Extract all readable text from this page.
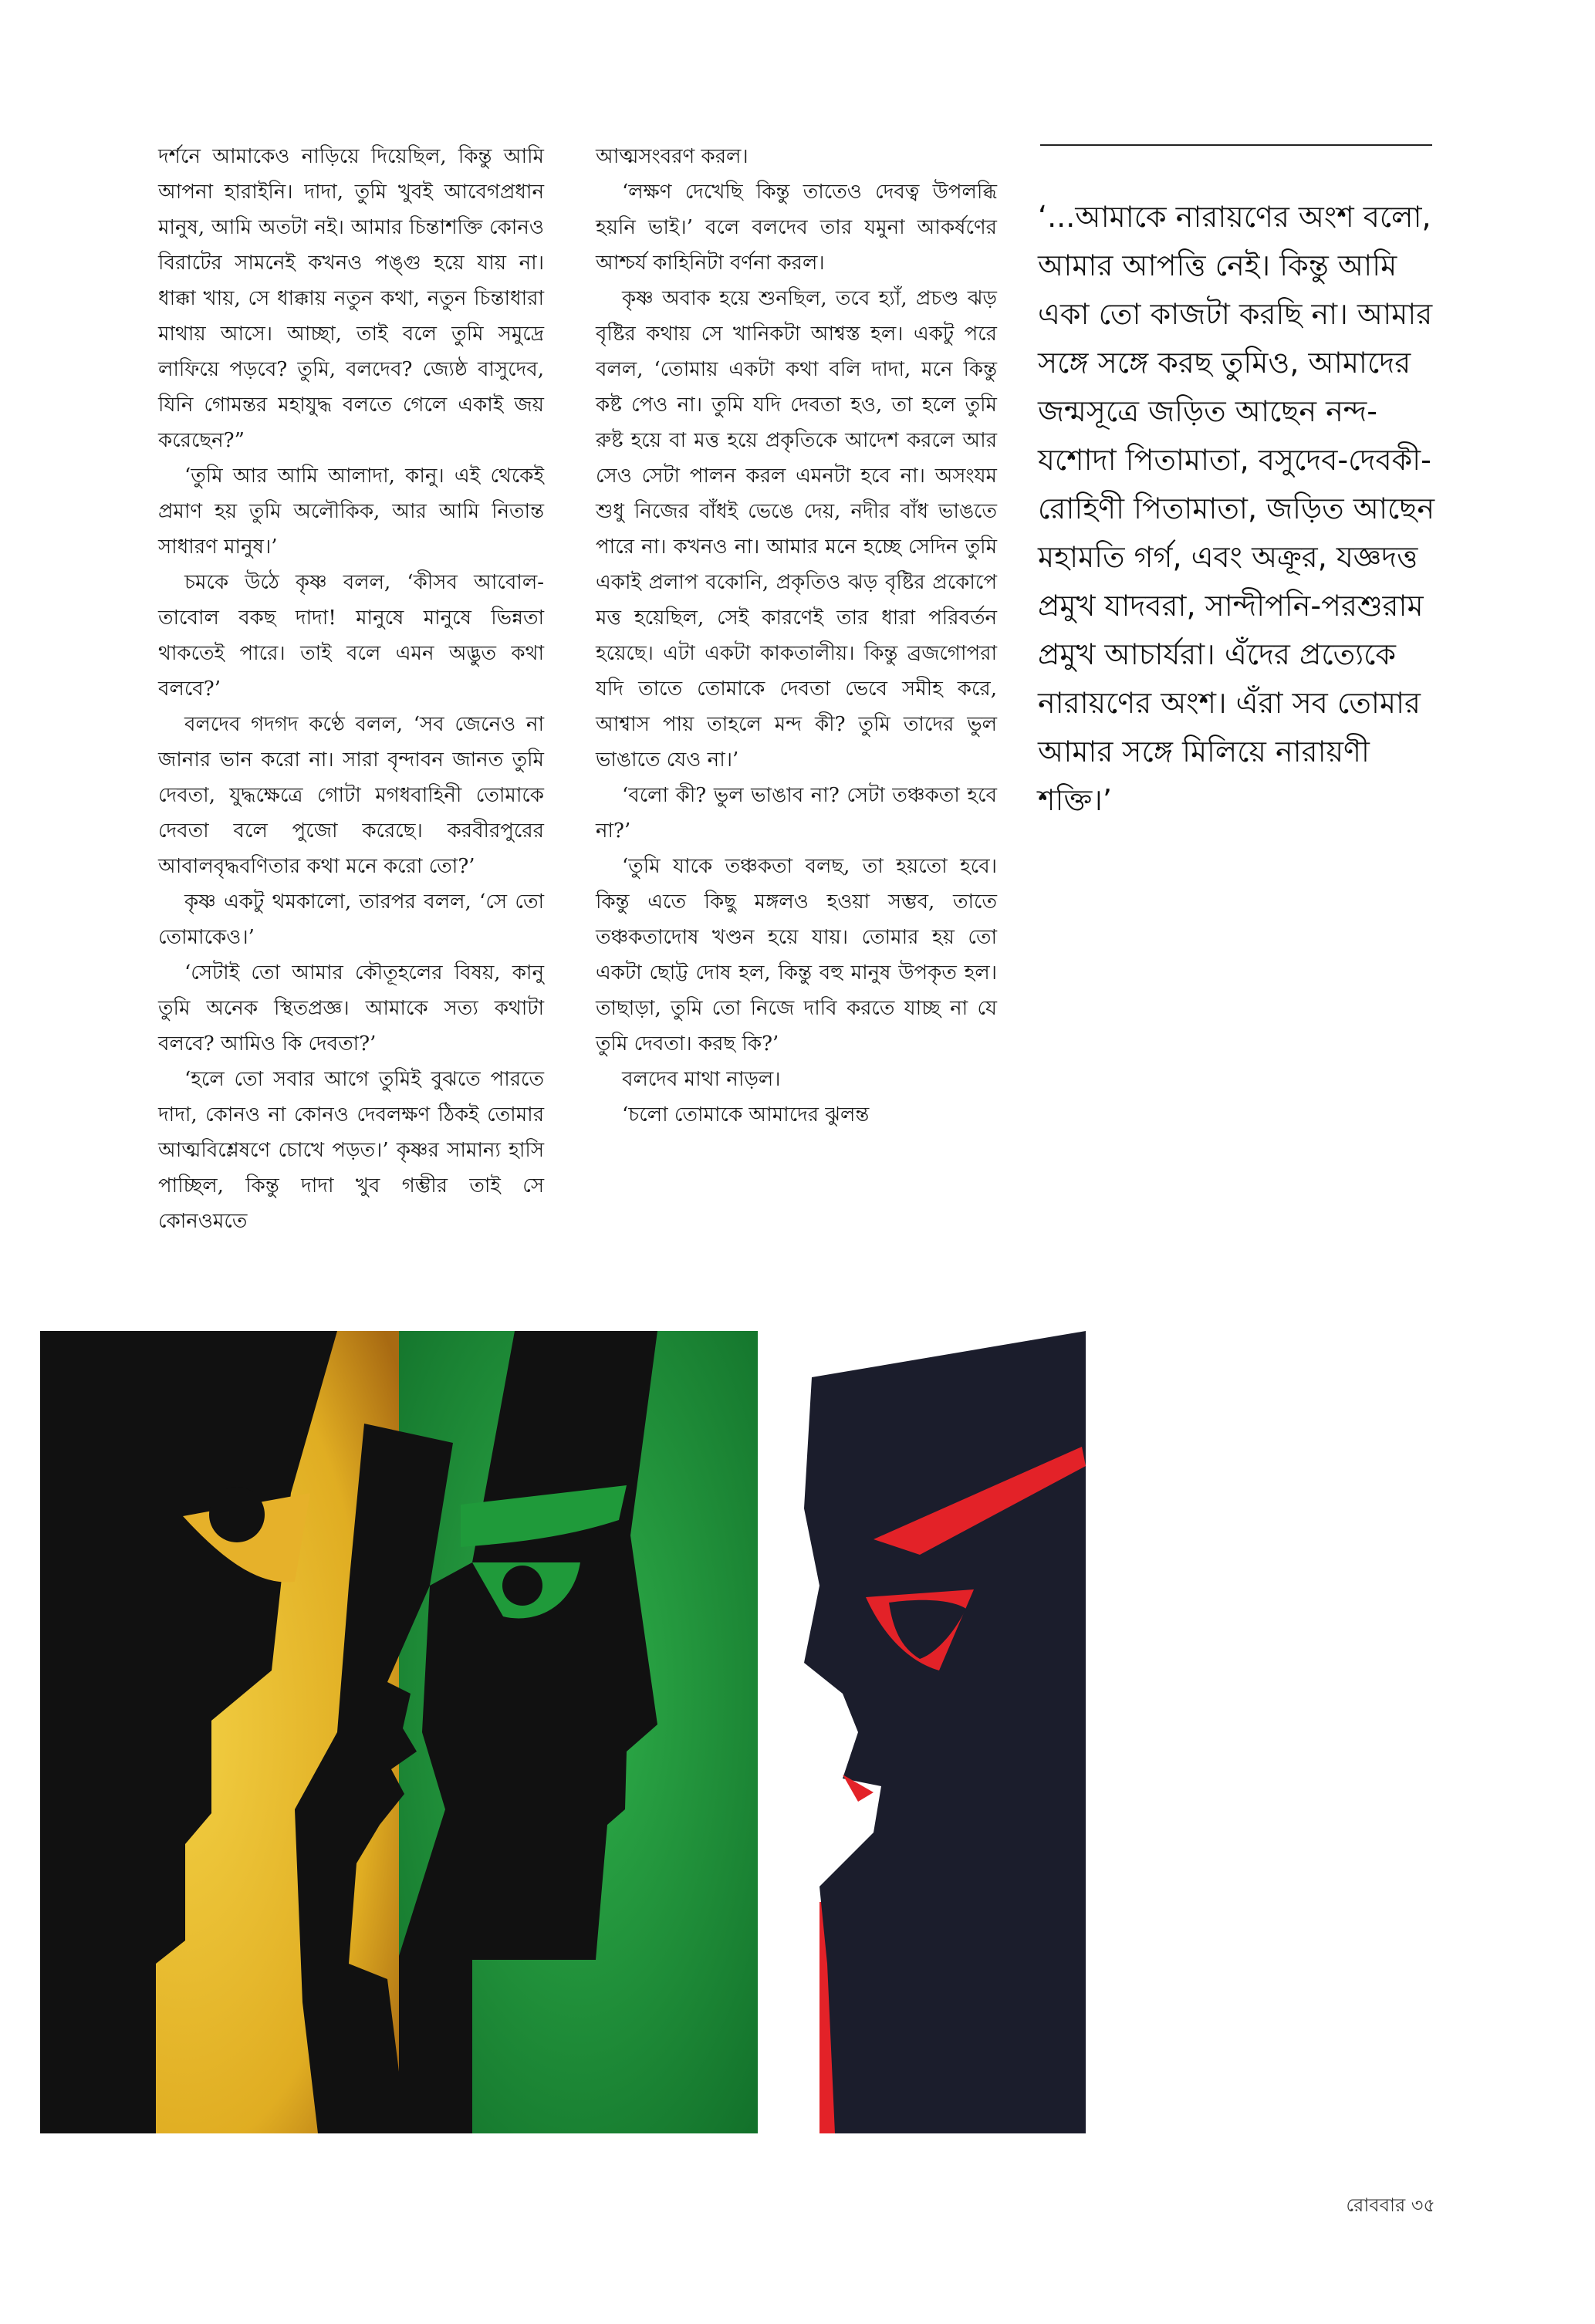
দর্শনে আমাকেও নাড়িয়ে দিয়েছিল, কিন্তু আমি আপনা হারাইনি। দাদা, তুমি খুবই আবেগপ্রধান মানুষ, আমি অতটা নই। আমার চিন্তাশক্তি কোনও বিরাটের সামনেই কখনও পঙ্গু হয়ে যায় না। ধাক্কা খায়, সে ধাক্কায় নতুন কথা, নতুন চিন্তাধারা মাথায় আসে। আচ্ছা, তাই বলে তুমি সমুদ্রে লাফিয়ে পড়বে? তুমি, বলদেব? জ্যেষ্ঠ বাসুদেব, যিনি গোমন্তর মহাযুদ্ধ বলতে গেলে একাই জয় করেছেন?”

‘তুমি আর আমি আলাদা, কানু। এই থেকেই প্রমাণ হয় তুমি অলৌকিক, আর আমি নিতান্ত সাধারণ মানুষ।’

চমকে উঠে কৃষ্ণ বলল, ‘কীসব আবোল-তাবোল বকছ দাদা! মানুষে মানুষে ভিন্নতা থাকতেই পারে। তাই বলে এমন অদ্ভুত কথা বলবে?’

বলদেব গদগদ কণ্ঠে বলল, ‘সব জেনেও না জানার ভান করো না। সারা বৃন্দাবন জানত তুমি দেবতা, যুদ্ধক্ষেত্রে গোটা মগধবাহিনী তোমাকে দেবতা বলে পুজো করেছে। করবীরপুরের আবালবৃদ্ধবণিতার কথা মনে করো তো?’

কৃষ্ণ একটু থমকালো, তারপর বলল, ‘সে তো তোমাকেও।’

‘সেটাই তো আমার কৌতূহলের বিষয়, কানু তুমি অনেক স্থিতপ্রজ্ঞ। আমাকে সত্য কথাটা বলবে? আমিও কি দেবতা?’

‘হলে তো সবার আগে তুমিই বুঝতে পারতে দাদা, কোনও না কোনও দেবলক্ষণ ঠিকই তোমার আত্মবিশ্লেষণে চোখে পড়ত।’ কৃষ্ণর সামান্য হাসি পাচ্ছিল, কিন্তু দাদা খুব গম্ভীর তাই সে কোনওমতে

আত্মসংবরণ করল।

‘লক্ষণ দেখেছি কিন্তু তাতেও দেবত্ব উপলব্ধি হয়নি ভাই।’ বলে বলদেব তার যমুনা আকর্ষণের আশ্চর্য কাহিনিটা বর্ণনা করল।

কৃষ্ণ অবাক হয়ে শুনছিল, তবে হ্যাঁ, প্রচণ্ড ঝড় বৃষ্টির কথায় সে খানিকটা আশ্বস্ত হল। একটু পরে বলল, ‘তোমায় একটা কথা বলি দাদা, মনে কিন্তু কষ্ট পেও না। তুমি যদি দেবতা হও, তা হলে তুমি রুষ্ট হয়ে বা মত্ত হয়ে প্রকৃতিকে আদেশ করলে আর সেও সেটা পালন করল এমনটা হবে না। অসংযম শুধু নিজের বাঁধই ভেঙে দেয়, নদীর বাঁধ ভাঙতে পারে না। কখনও না। আমার মনে হচ্ছে সেদিন তুমি একাই প্রলাপ বকোনি, প্রকৃতিও ঝড় বৃষ্টির প্রকোপে মত্ত হয়েছিল, সেই কারণেই তার ধারা পরিবর্তন হয়েছে। এটা একটা কাকতালীয়। কিন্তু ব্রজগোপরা যদি তাতে তোমাকে দেবতা ভেবে সমীহ করে, আশ্বাস পায় তাহলে মন্দ কী? তুমি তাদের ভুল ভাঙাতে যেও না।’

‘বলো কী? ভুল ভাঙাব না? সেটা তঞ্চকতা হবে না?’

‘তুমি যাকে তঞ্চকতা বলছ, তা হয়তো হবে। কিন্তু এতে কিছু মঙ্গলও হওয়া সম্ভব, তাতে তঞ্চকতাদোষ খণ্ডন হয়ে যায়। তোমার হয় তো একটা ছোট্ট দোষ হল, কিন্তু বহু মানুষ উপকৃত হল। তাছাড়া, তুমি তো নিজে দাবি করতে যাচ্ছ না যে তুমি দেবতা। করছ কি?’

বলদেব মাথা নাড়ল।

‘চলো তোমাকে আমাদের ঝুলন্ত

‘...আমাকে নারায়ণের অংশ বলো, আমার আপত্তি নেই। কিন্তু আমি একা তো কাজটা করছি না। আমার সঙ্গে সঙ্গে করছ তুমিও, আমাদের জন্মসূত্রে জড়িত আছেন নন্দ-যশোদা পিতামাতা, বসুদেব-দেবকী-রোহিণী পিতামাতা, জড়িত আছেন মহামতি গর্গ, এবং অক্রূর, যজ্ঞদত্ত প্রমুখ যাদবরা, সান্দীপনি-পরশুরাম প্রমুখ আচার্যরা। এঁদের প্রত্যেকে নারায়ণের অংশ। এঁরা সব তোমার আমার সঙ্গে মিলিয়ে নারায়ণী শক্তি।’
রোববার ৩৫
